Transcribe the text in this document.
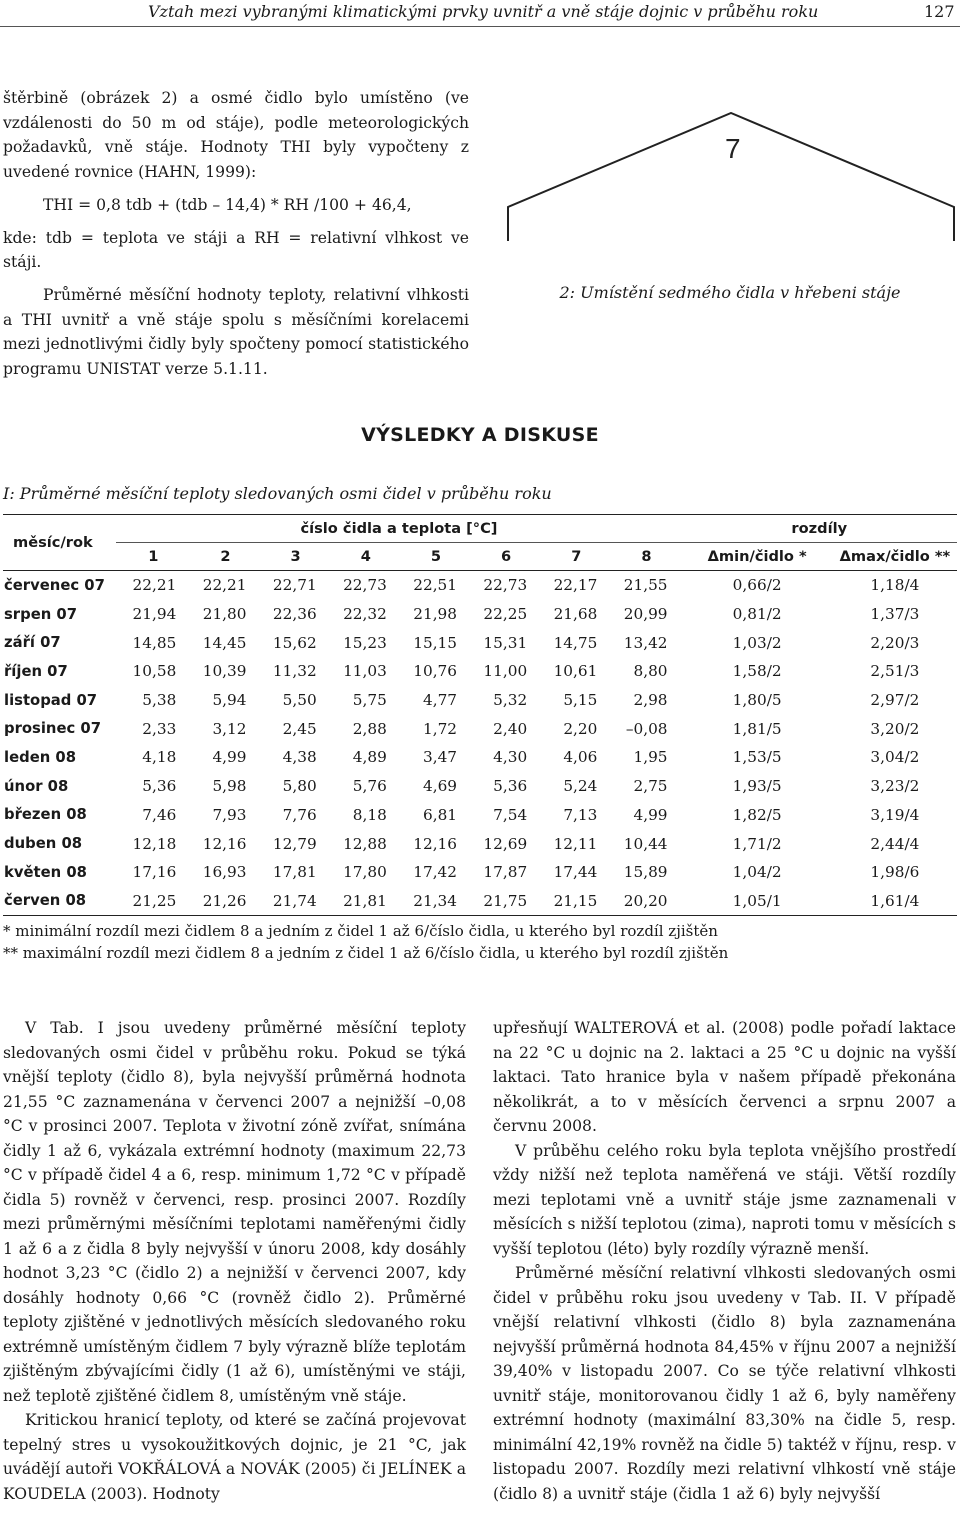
Vztah mezi vybranými klimatickými prvky uvnitř a vně stáje dojnic v průběhu roku	127

štěrbině (obrázek 2) a osmé čidlo bylo umístěno (ve vzdálenosti do 50 m od stáje), podle meteorologických požadavků, vně stáje. Hodnoty THI byly vypočteny z uvedené rovnice (HAHN, 1999):

THI = 0,8 tdb + (tdb – 14,4) * RH /100 + 46,4,

kde: tdb = teplota ve stáji a RH = relativní vlhkost ve stáji.

Průměrné měsíční hodnoty teploty, relativní vlhkosti a THI uvnitř a vně stáje spolu s měsíčními korelacemi mezi jednotlivými čidly byly spočteny pomocí statistického programu UNISTAT verze 5.1.11.

7
2: Umístění sedmého čidla v hřebeni stáje
VÝSLEDKY A DISKUSE
I: Průměrné měsíční teploty sledovaných osmi čidel v průběhu roku
měsíc/rok	číslo čidla a teplota [°C]								rozdíly	
	1	2	3	4	5	6	7	8	Δmin/čidlo *	Δmax/čidlo **
červenec 07	22,21	22,21	22,71	22,73	22,51	22,73	22,17	21,55	0,66/2	1,18/4
srpen 07	21,94	21,80	22,36	22,32	21,98	22,25	21,68	20,99	0,81/2	1,37/3
září 07	14,85	14,45	15,62	15,23	15,15	15,31	14,75	13,42	1,03/2	2,20/3
říjen 07	10,58	10,39	11,32	11,03	10,76	11,00	10,61	8,80	1,58/2	2,51/3
listopad 07	5,38	5,94	5,50	5,75	4,77	5,32	5,15	2,98	1,80/5	2,97/2
prosinec 07	2,33	3,12	2,45	2,88	1,72	2,40	2,20	–0,08	1,81/5	3,20/2
leden 08	4,18	4,99	4,38	4,89	3,47	4,30	4,06	1,95	1,53/5	3,04/2
únor 08	5,36	5,98	5,80	5,76	4,69	5,36	5,24	2,75	1,93/5	3,23/2
březen 08	7,46	7,93	7,76	8,18	6,81	7,54	7,13	4,99	1,82/5	3,19/4
duben 08	12,18	12,16	12,79	12,88	12,16	12,69	12,11	10,44	1,71/2	2,44/4
květen 08	17,16	16,93	17,81	17,80	17,42	17,87	17,44	15,89	1,04/2	1,98/6
červen 08	21,25	21,26	21,74	21,81	21,34	21,75	21,15	20,20	1,05/1	1,61/4
* minimální rozdíl mezi čidlem 8 a jedním z čidel 1 až 6/číslo čidla, u kterého byl rozdíl zjištěn
** maximální rozdíl mezi čidlem 8 a jedním z čidel 1 až 6/číslo čidla, u kterého byl rozdíl zjištěn

V Tab. I jsou uvedeny průměrné měsíční teploty sledovaných osmi čidel v průběhu roku. Pokud se týká vnější teploty (čidlo 8), byla nejvyšší průměrná hodnota 21,55 °C zaznamenána v červenci 2007 a nejnižší –0,08 °C v prosinci 2007. Teplota v životní zóně zvířat, snímána čidly 1 až 6, vykázala extrémní hodnoty (maximum 22,73 °C v případě čidel 4 a 6, resp. minimum 1,72 °C v případě čidla 5) rovněž v červenci, resp. prosinci 2007. Rozdíly mezi průměrnými měsíčními teplotami naměřenými čidly 1 až 6 a z čidla 8 byly nejvyšší v únoru 2008, kdy dosáhly hodnot 3,23 °C (čidlo 2) a nejnižší v červenci 2007, kdy dosáhly hodnoty 0,66 °C (rovněž čidlo 2). Průměrné teploty zjištěné v jednotlivých měsících sledovaného roku extrémně umístěným čidlem 7 byly výrazně blíže teplotám zjištěným zbývajícími čidly (1 až 6), umístěnými ve stáji, než teplotě zjištěné čidlem 8, umístěným vně stáje.

Kritickou hranicí teploty, od které se začíná projevovat tepelný stres u vysokoužitkových dojnic, je 21 °C, jak uvádějí autoři VOKŘÁLOVÁ a NOVÁK (2005) či JELÍNEK a KOUDELA (2003). Hodnoty

upřesňují WALTEROVÁ et al. (2008) podle pořadí laktace na 22 °C u dojnic na 2. laktaci a 25 °C u dojnic na vyšší laktaci. Tato hranice byla v našem případě překonána několikrát, a to v měsících červenci a srpnu 2007 a červnu 2008.

V průběhu celého roku byla teplota vnějšího prostředí vždy nižší než teplota naměřená ve stáji. Větší rozdíly mezi teplotami vně a uvnitř stáje jsme zaznamenali v měsících s nižší teplotou (zima), naproti tomu v měsících s vyšší teplotou (léto) byly rozdíly výrazně menší.

Průměrné měsíční relativní vlhkosti sledovaných osmi čidel v průběhu roku jsou uvedeny v Tab. II. V případě vnější relativní vlhkosti (čidlo 8) byla zaznamenána nejvyšší průměrná hodnota 84,45% v říjnu 2007 a nejnižší 39,40% v listopadu 2007. Co se týče relativní vlhkosti uvnitř stáje, monitorovanou čidly 1 až 6, byly naměřeny extrémní hodnoty (maximální 83,30% na čidle 5, resp. minimální 42,19% rovněž na čidle 5) taktéž v říjnu, resp. v listopadu 2007. Rozdíly mezi relativní vlhkostí vně stáje (čidlo 8) a uvnitř stáje (čidla 1 až 6) byly nejvyšší
